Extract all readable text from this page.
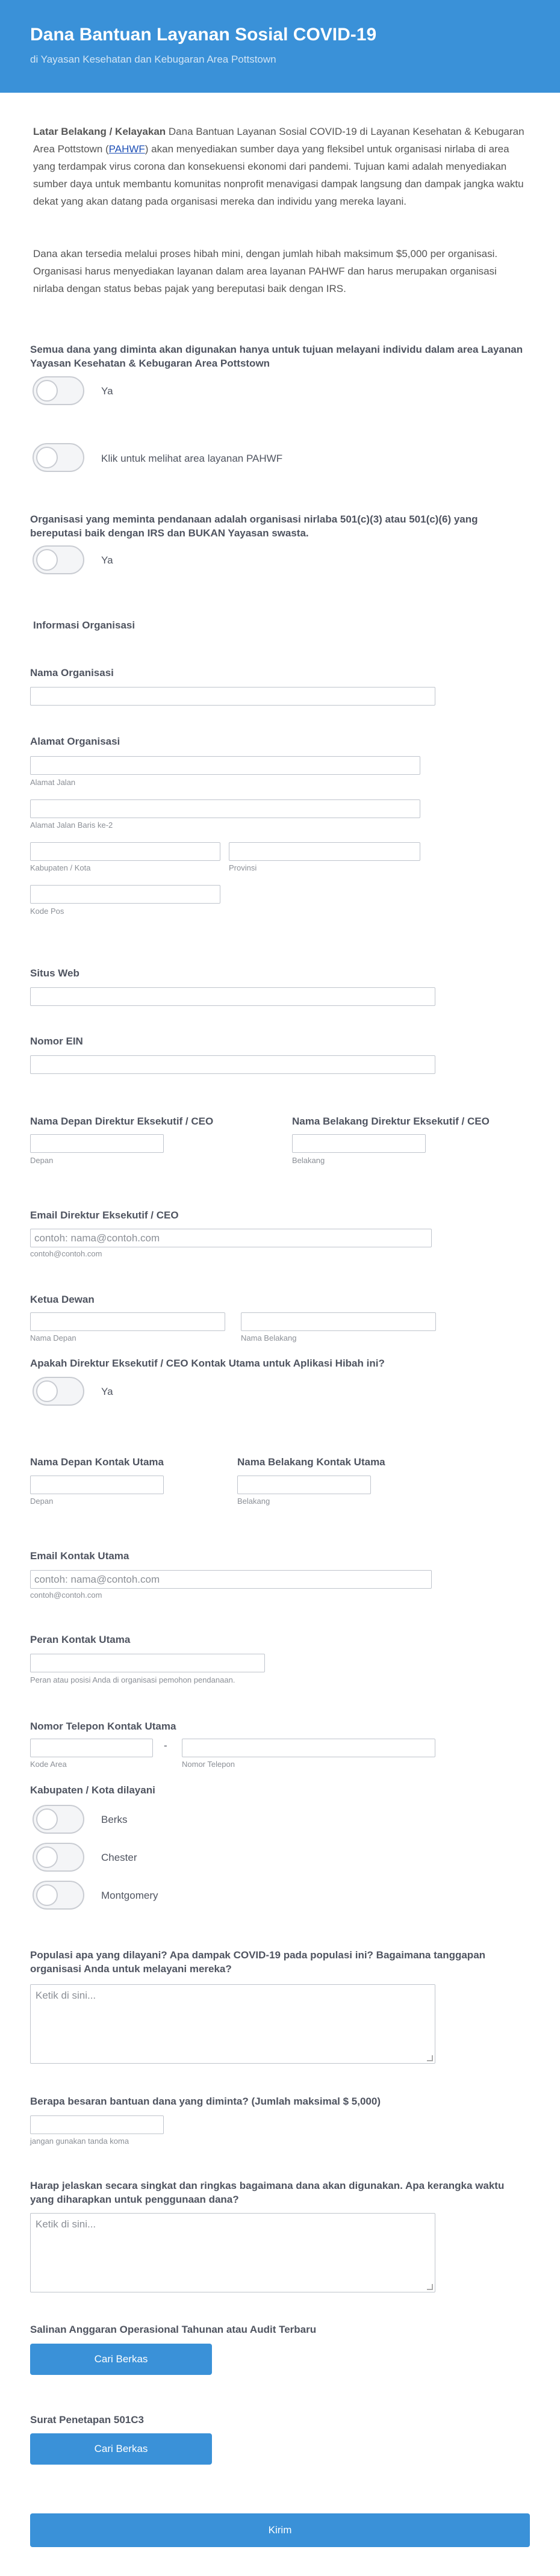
Dana Bantuan Layanan Sosial COVID-19

di Yayasan Kesehatan dan Kebugaran Area Pottstown

Latar Belakang / Kelayakan Dana Bantuan Layanan Sosial COVID-19 di Layanan Kesehatan & Kebugaran Area Pottstown (PAHWF) akan menyediakan sumber daya yang fleksibel untuk organisasi nirlaba di area yang terdampak virus corona dan konsekuensi ekonomi dari pandemi. Tujuan kami adalah menyediakan sumber daya untuk membantu komunitas nonprofit menavigasi dampak langsung dan dampak jangka waktu dekat yang akan datang pada organisasi mereka dan individu yang mereka layani.
Dana akan tersedia melalui proses hibah mini, dengan jumlah hibah maksimum $5,000 per organisasi. Organisasi harus menyediakan layanan dalam area layanan PAHWF dan harus merupakan organisasi nirlaba dengan status bebas pajak yang bereputasi baik dengan IRS.
Semua dana yang diminta akan digunakan hanya untuk tujuan melayani individu dalam area Layanan Yayasan Kesehatan & Kebugaran Area Pottstown
Ya
Klik untuk melihat area layanan PAHWF
Organisasi yang meminta pendanaan adalah organisasi nirlaba 501(c)(3) atau 501(c)(6) yang bereputasi baik dengan IRS dan BUKAN Yayasan swasta.
Ya
Informasi Organisasi
Nama Organisasi
Alamat Organisasi
Alamat Jalan
Alamat Jalan Baris ke-2
Kabupaten / Kota	Provinsi
Kode Pos
Situs Web
Nomor EIN
Nama Depan Direktur Eksekutif / CEO
Depan
Nama Belakang Direktur Eksekutif / CEO
Belakang
Email Direktur Eksekutif / CEO
contoh: nama@contoh.com
contoh@contoh.com
Ketua Dewan
Nama Depan	Nama Belakang
Apakah Direktur Eksekutif / CEO Kontak Utama untuk Aplikasi Hibah ini?
Ya
Nama Depan Kontak Utama
Depan
Nama Belakang Kontak Utama
Belakang
Email Kontak Utama
contoh: nama@contoh.com
contoh@contoh.com
Peran Kontak Utama
Peran atau posisi Anda di organisasi pemohon pendanaan.
Nomor Telepon Kontak Utama
-
Kode Area	Nomor Telepon
Kabupaten / Kota dilayani
Berks
Chester
Montgomery
Populasi apa yang dilayani? Apa dampak COVID-19 pada populasi ini? Bagaimana tanggapan organisasi Anda untuk melayani mereka?
Ketik di sini...
Berapa besaran bantuan dana yang diminta? (Jumlah maksimal $ 5,000)
jangan gunakan tanda koma
Harap jelaskan secara singkat dan ringkas bagaimana dana akan digunakan. Apa kerangka waktu yang diharapkan untuk penggunaan dana?
Ketik di sini...
Salinan Anggaran Operasional Tahunan atau Audit Terbaru
Cari Berkas
Surat Penetapan 501C3
Cari Berkas
Kirim
